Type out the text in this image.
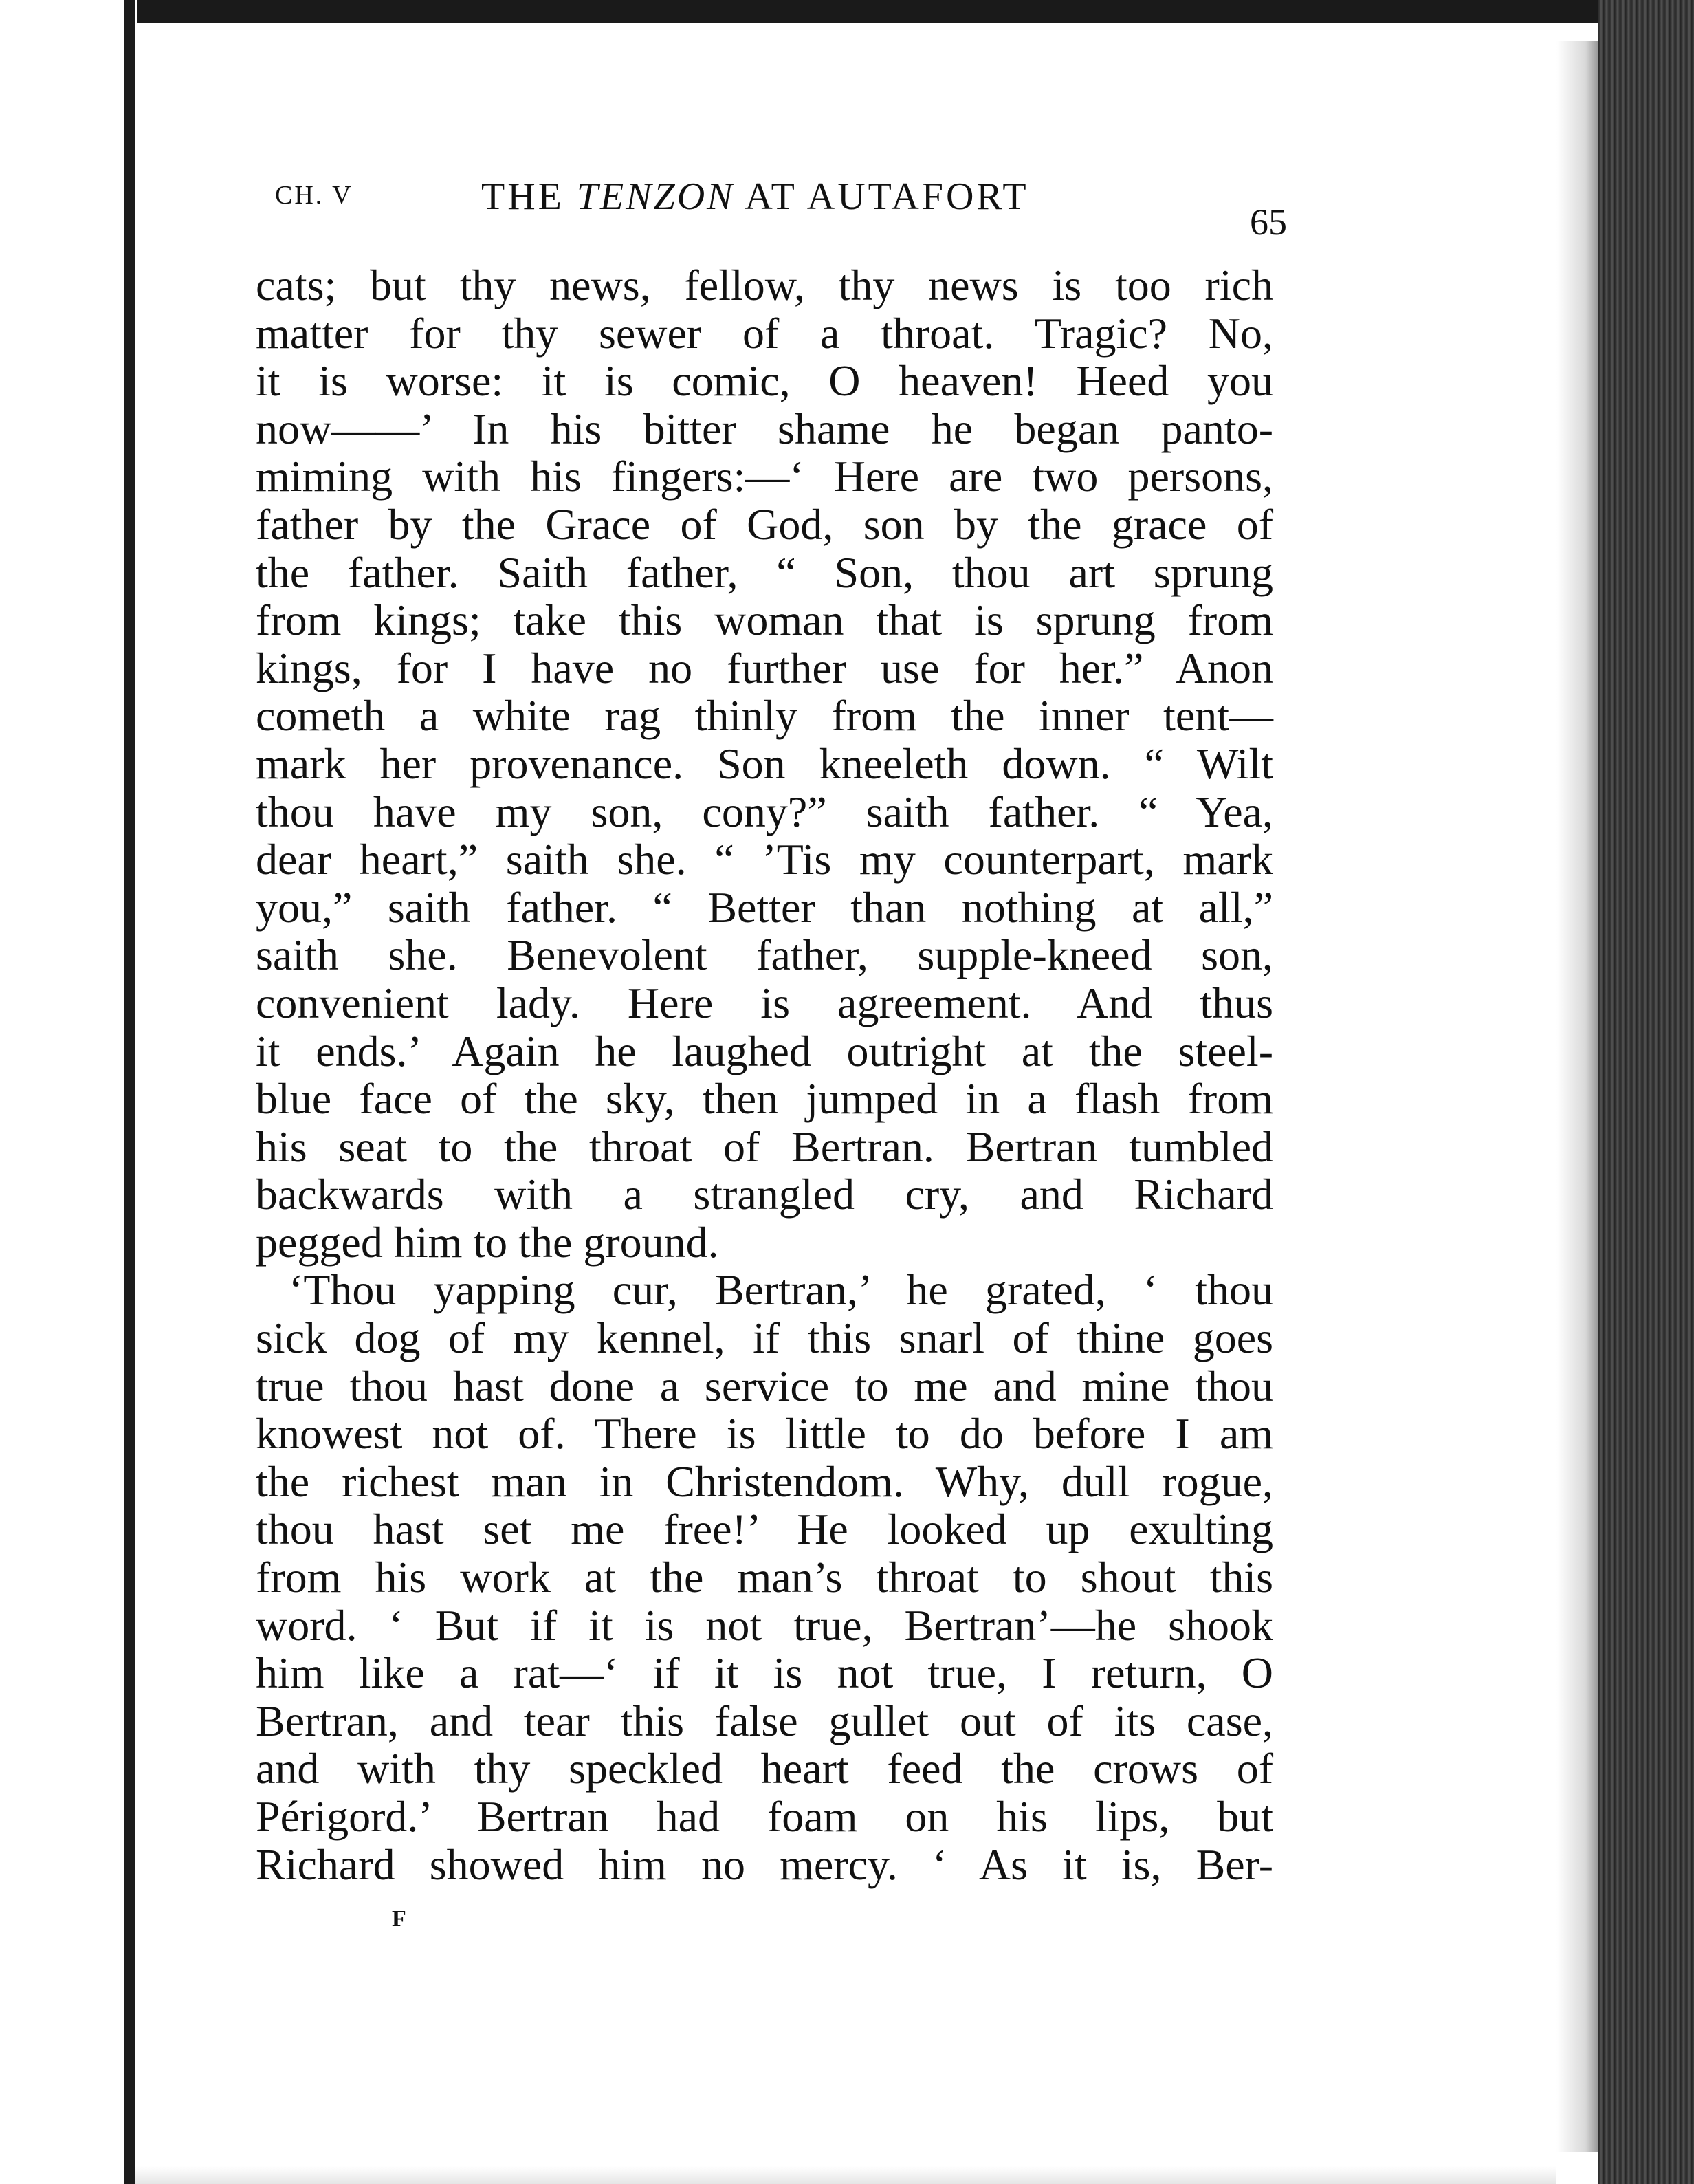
CH. V	THE TENZON AT AUTAFORT
65
cats; but thy news, fellow, thy news is too rich
matter for thy sewer of a throat. Tragic? No,
it is worse: it is comic, O heaven! Heed you
now——’ In his bitter shame he began panto-
miming with his fingers:—‘ Here are two persons,
father by the Grace of God, son by the grace of
the father. Saith father, “ Son, thou art sprung
from kings; take this woman that is sprung from
kings, for I have no further use for her.” Anon
cometh a white rag thinly from the inner tent—
mark her provenance. Son kneeleth down. “ Wilt
thou have my son, cony?” saith father. “ Yea,
dear heart,” saith she. “ ’Tis my counterpart, mark
you,” saith father. “ Better than nothing at all,”
saith she. Benevolent father, supple-kneed son,
convenient lady. Here is agreement. And thus
it ends.’ Again he laughed outright at the steel-
blue face of the sky, then jumped in a flash from
his seat to the throat of Bertran. Bertran tumbled
backwards with a strangled cry, and Richard
pegged him to the ground.
‘Thou yapping cur, Bertran,’ he grated, ‘ thou
sick dog of my kennel, if this snarl of thine goes
true thou hast done a service to me and mine thou
knowest not of. There is little to do before I am
the richest man in Christendom. Why, dull rogue,
thou hast set me free!’ He looked up exulting
from his work at the man’s throat to shout this
word. ‘ But if it is not true, Bertran’—he shook
him like a rat—‘ if it is not true, I return, O
Bertran, and tear this false gullet out of its case,
and with thy speckled heart feed the crows of
Périgord.’ Bertran had foam on his lips, but
Richard showed him no mercy. ‘ As it is, Ber-
F
